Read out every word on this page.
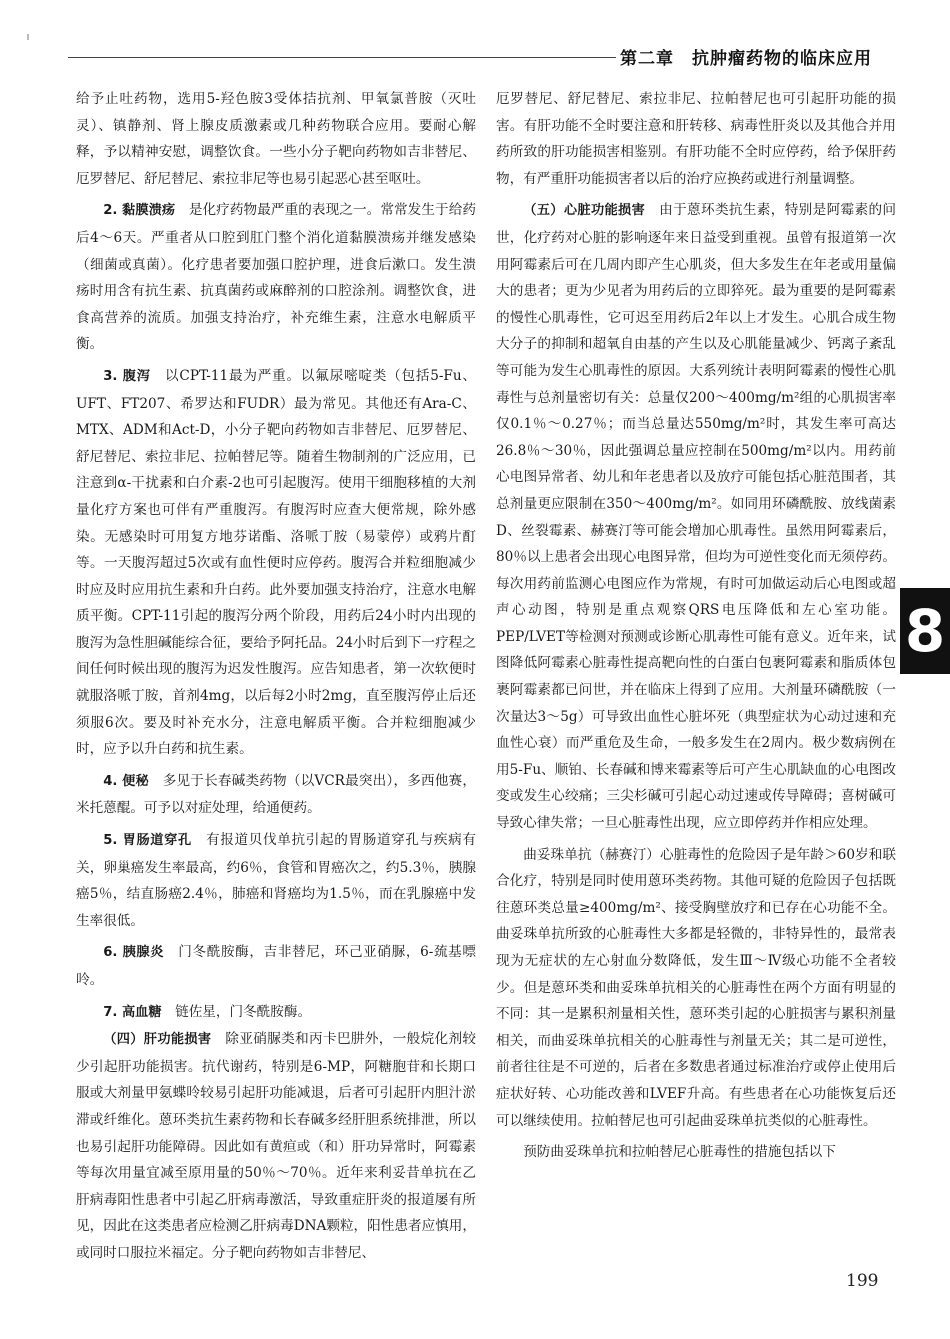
第二章　抗肿瘤药物的临床应用

给予止吐药物，选用5-羟色胺3受体拮抗剂、甲氧氯普胺（灭吐灵）、镇静剂、肾上腺皮质激素或几种药物联合应用。要耐心解释，予以精神安慰，调整饮食。一些小分子靶向药物如吉非替尼、厄罗替尼、舒尼替尼、索拉非尼等也易引起恶心甚至呕吐。

2. 黏膜溃疡　是化疗药物最严重的表现之一。常常发生于给药后4～6天。严重者从口腔到肛门整个消化道黏膜溃疡并继发感染（细菌或真菌）。化疗患者要加强口腔护理，进食后漱口。发生溃疡时用含有抗生素、抗真菌药或麻醉剂的口腔涂剂。调整饮食，进食高营养的流质。加强支持治疗，补充维生素，注意水电解质平衡。

3. 腹泻　以CPT-11最为严重。以氟尿嘧啶类（包括5-Fu、UFT、FT207、希罗达和FUDR）最为常见。其他还有Ara-C、MTX、ADM和Act-D，小分子靶向药物如吉非替尼、厄罗替尼、舒尼替尼、索拉非尼、拉帕替尼等。随着生物制剂的广泛应用，已注意到α-干扰素和白介素-2也可引起腹泻。使用干细胞移植的大剂量化疗方案也可伴有严重腹泻。有腹泻时应查大便常规，除外感染。无感染时可用复方地芬诺酯、洛哌丁胺（易蒙停）或鸦片酊等。一天腹泻超过5次或有血性便时应停药。腹泻合并粒细胞减少时应及时应用抗生素和升白药。此外要加强支持治疗，注意水电解质平衡。CPT-11引起的腹泻分两个阶段，用药后24小时内出现的腹泻为急性胆碱能综合征，要给予阿托品。24小时后到下一疗程之间任何时候出现的腹泻为迟发性腹泻。应告知患者，第一次软便时就服洛哌丁胺，首剂4mg，以后每2小时2mg，直至腹泻停止后还须服6次。要及时补充水分，注意电解质平衡。合并粒细胞减少时，应予以升白药和抗生素。

4. 便秘　多见于长春碱类药物（以VCR最突出），多西他赛，米托蒽醌。可予以对症处理，给通便药。

5. 胃肠道穿孔　有报道贝伐单抗引起的胃肠道穿孔与疾病有关，卵巢癌发生率最高，约6％，食管和胃癌次之，约5.3％，胰腺癌5％，结直肠癌2.4％，肺癌和肾癌均为1.5％，而在乳腺癌中发生率很低。

6. 胰腺炎　门冬酰胺酶，吉非替尼，环己亚硝脲，6-巯基嘌呤。

7. 高血糖　链佐星，门冬酰胺酶。

（四）肝功能损害　除亚硝脲类和丙卡巴肼外，一般烷化剂较少引起肝功能损害。抗代谢药，特别是6-MP，阿糖胞苷和长期口服或大剂量甲氨蝶呤较易引起肝功能减退，后者可引起肝内胆汁淤滞或纤维化。蒽环类抗生素药物和长春碱多经肝胆系统排泄，所以也易引起肝功能障碍。因此如有黄疸或（和）肝功异常时，阿霉素等每次用量宜减至原用量的50％～70％。近年来利妥昔单抗在乙肝病毒阳性患者中引起乙肝病毒激活，导致重症肝炎的报道屡有所见，因此在这类患者应检测乙肝病毒DNA颗粒，阳性患者应慎用，或同时口服拉米福定。分子靶向药物如吉非替尼、

厄罗替尼、舒尼替尼、索拉非尼、拉帕替尼也可引起肝功能的损害。有肝功能不全时要注意和肝转移、病毒性肝炎以及其他合并用药所致的肝功能损害相鉴别。有肝功能不全时应停药，给予保肝药物，有严重肝功能损害者以后的治疗应换药或进行剂量调整。

（五）心脏功能损害　由于蒽环类抗生素，特别是阿霉素的问世，化疗药对心脏的影响逐年来日益受到重视。虽曾有报道第一次用阿霉素后可在几周内即产生心肌炎，但大多发生在年老或用量偏大的患者；更为少见者为用药后的立即猝死。最为重要的是阿霉素的慢性心肌毒性，它可迟至用药后2年以上才发生。心肌合成生物大分子的抑制和超氧自由基的产生以及心肌能量减少、钙离子紊乱等可能为发生心肌毒性的原因。大系列统计表明阿霉素的慢性心肌毒性与总剂量密切有关：总量仅200～400mg/m²组的心肌损害率仅0.1％～0.27％；而当总量达550mg/m²时，其发生率可高达26.8％～30％，因此强调总量应控制在500mg/m²以内。用药前心电图异常者、幼儿和年老患者以及放疗可能包括心脏范围者，其总剂量更应限制在350～400mg/m²。如同用环磷酰胺、放线菌素D、丝裂霉素、赫赛汀等可能会增加心肌毒性。虽然用阿霉素后，80％以上患者会出现心电图异常，但均为可逆性变化而无须停药。每次用药前监测心电图应作为常规，有时可加做运动后心电图或超声心动图，特别是重点观察QRS电压降低和左心室功能。PEP/LVET等检测对预测或诊断心肌毒性可能有意义。近年来，试图降低阿霉素心脏毒性提高靶向性的白蛋白包裹阿霉素和脂质体包裹阿霉素都已问世，并在临床上得到了应用。大剂量环磷酰胺（一次量达3～5g）可导致出血性心脏坏死（典型症状为心动过速和充血性心衰）而严重危及生命，一般多发生在2周内。极少数病例在用5-Fu、顺铂、长春碱和博来霉素等后可产生心肌缺血的心电图改变或发生心绞痛；三尖杉碱可引起心动过速或传导障碍；喜树碱可导致心律失常；一旦心脏毒性出现，应立即停药并作相应处理。

曲妥珠单抗（赫赛汀）心脏毒性的危险因子是年龄＞60岁和联合化疗，特别是同时使用蒽环类药物。其他可疑的危险因子包括既往蒽环类总量≥400mg/m²、接受胸壁放疗和已存在心功能不全。曲妥珠单抗所致的心脏毒性大多都是轻微的，非特异性的，最常表现为无症状的左心射血分数降低，发生Ⅲ～Ⅳ级心功能不全者较少。但是蒽环类和曲妥珠单抗相关的心脏毒性在两个方面有明显的不同：其一是累积剂量相关性，蒽环类引起的心脏损害与累积剂量相关，而曲妥珠单抗相关的心脏毒性与剂量无关；其二是可逆性，前者往往是不可逆的，后者在多数患者通过标准治疗或停止使用后症状好转、心功能改善和LVEF升高。有些患者在心功能恢复后还可以继续使用。拉帕替尼也可引起曲妥珠单抗类似的心脏毒性。

预防曲妥珠单抗和拉帕替尼心脏毒性的措施包括以下

8
199
